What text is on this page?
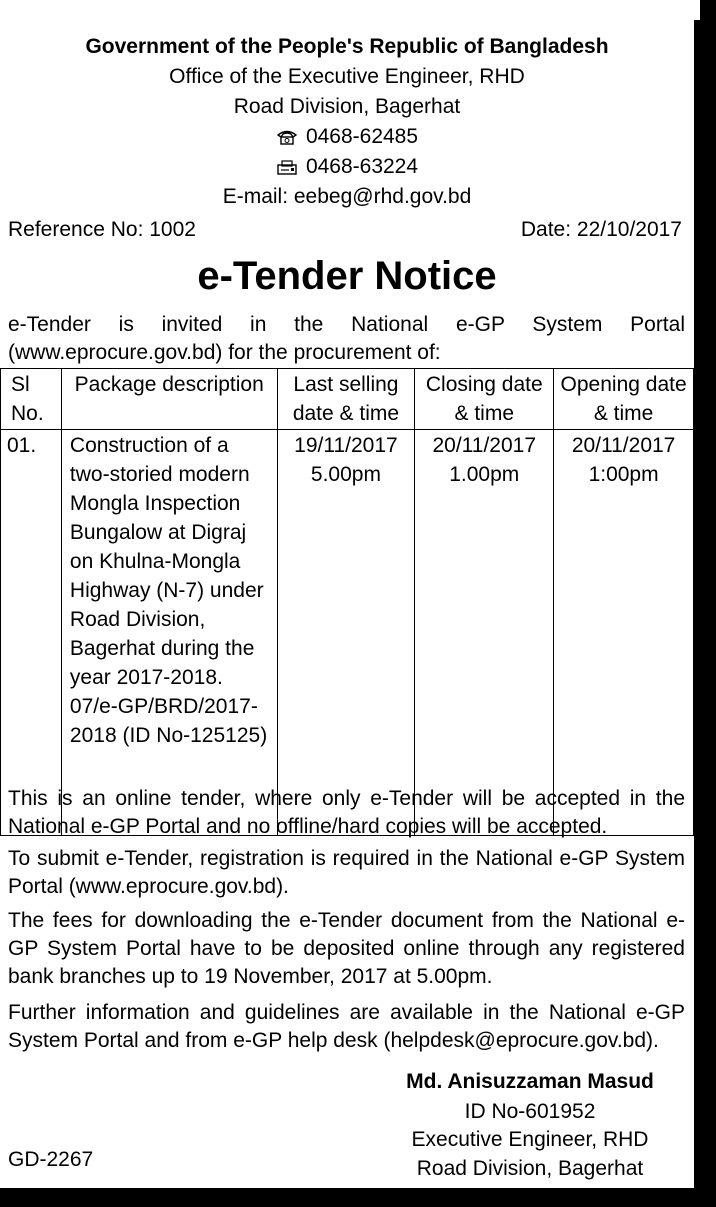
Government of the People's Republic of Bangladesh
Office of the Executive Engineer, RHD
Road Division, Bagerhat
0468-62485
0468-63224
E-mail: eebeg@rhd.gov.bd
Reference No: 1002	Date: 22/10/2017
e-Tender Notice
e-Tender is invited in the National e-GP System Portal
(www.eprocure.gov.bd) for the procurement of:
Sl No.	Package description	Last selling date & time	Closing date & time	Opening date & time
01.	Construction of a two-storied modern Mongla Inspection Bungalow at Digraj on Khulna-Mongla Highway (N-7) under Road Division, Bagerhat during the year 2017-2018. 07/e-GP/BRD/2017-2018 (ID No-125125)	19/11/2017 5.00pm	20/11/2017 1.00pm	20/11/2017 1:00pm
This is an online tender, where only e-Tender will be accepted in the National e-GP Portal and no offline/hard copies will be accepted.
To submit e-Tender, registration is required in the National e-GP System Portal (www.eprocure.gov.bd).
The fees for downloading the e-Tender document from the National e-GP System Portal have to be deposited online through any registered bank branches up to 19 November, 2017 at 5.00pm.
Further information and guidelines are available in the National e-GP System Portal and from e-GP help desk (helpdesk@eprocure.gov.bd).
Md. Anisuzzaman Masud
ID No-601952
Executive Engineer, RHD
Road Division, Bagerhat
GD-2267
